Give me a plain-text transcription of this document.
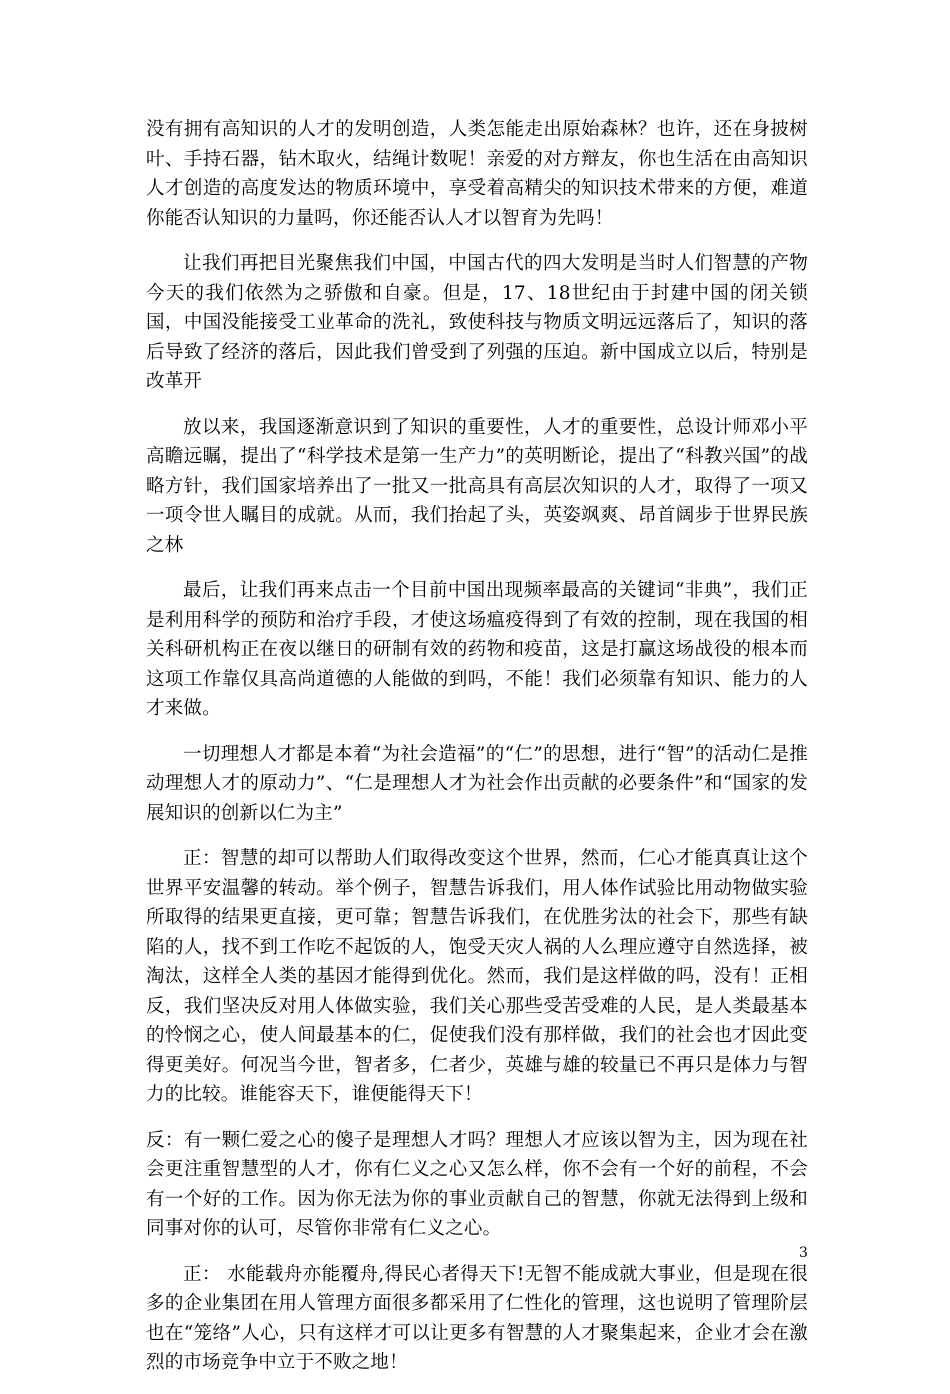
没有拥有高知识的人才的发明创造，人类怎能走出原始森林？也许，还在身披树叶、手持石器，钻木取火，结绳计数呢！亲爱的对方辩友，你也生活在由高知识人才创造的高度发达的物质环境中，享受着高精尖的知识技术带来的方便，难道你能否认知识的力量吗，你还能否认人才以智育为先吗！

让我们再把目光聚焦我们中国，中国古代的四大发明是当时人们智慧的产物今天的我们依然为之骄傲和自豪。但是，17、18世纪由于封建中国的闭关锁国，中国没能接受工业革命的洗礼，致使科技与物质文明远远落后了，知识的落后导致了经济的落后，因此我们曾受到了列强的压迫。新中国成立以后，特别是改革开

放以来，我国逐渐意识到了知识的重要性，人才的重要性，总设计师邓小平高瞻远瞩，提出了“科学技术是第一生产力”的英明断论，提出了“科教兴国”的战略方针，我们国家培养出了一批又一批高具有高层次知识的人才，取得了一项又一项令世人瞩目的成就。从而，我们抬起了头，英姿飒爽、昂首阔步于世界民族之林

最后，让我们再来点击一个目前中国出现频率最高的关键词“非典”，我们正是利用科学的预防和治疗手段，才使这场瘟疫得到了有效的控制，现在我国的相关科研机构正在夜以继日的研制有效的药物和疫苗，这是打赢这场战役的根本而这项工作靠仅具高尚道德的人能做的到吗，不能！我们必须靠有知识、能力的人才来做。

一切理想人才都是本着“为社会造福”的“仁”的思想，进行“智”的活动仁是推动理想人才的原动力”、“仁是理想人才为社会作出贡献的必要条件”和“国家的发展知识的创新以仁为主”

正：智慧的却可以帮助人们取得改变这个世界，然而，仁心才能真真让这个世界平安温馨的转动。举个例子，智慧告诉我们，用人体作试验比用动物做实验所取得的结果更直接，更可靠；智慧告诉我们，在优胜劣汰的社会下，那些有缺陷的人，找不到工作吃不起饭的人，饱受天灾人祸的人么理应遵守自然选择，被淘汰，这样全人类的基因才能得到优化。然而，我们是这样做的吗，没有！正相反，我们坚决反对用人体做实验，我们关心那些受苦受难的人民，是人类最基本的怜悯之心，使人间最基本的仁，促使我们没有那样做，我们的社会也才因此变得更美好。何况当今世，智者多，仁者少，英雄与雄的较量已不再只是体力与智力的比较。谁能容天下，谁便能得天下！

反：有一颗仁爱之心的傻子是理想人才吗？理想人才应该以智为主，因为现在社会更注重智慧型的人才，你有仁义之心又怎么样，你不会有一个好的前程，不会有一个好的工作。因为你无法为你的事业贡献自己的智慧，你就无法得到上级和同事对你的认可，尽管你非常有仁义之心。

正： 水能载舟亦能覆舟,得民心者得天下!无智不能成就大事业，但是现在很多的企业集团在用人管理方面很多都采用了仁性化的管理，这也说明了管理阶层也在“笼络”人心，只有这样才可以让更多有智慧的人才聚集起来，企业才会在激烈的市场竞争中立于不败之地！

3
